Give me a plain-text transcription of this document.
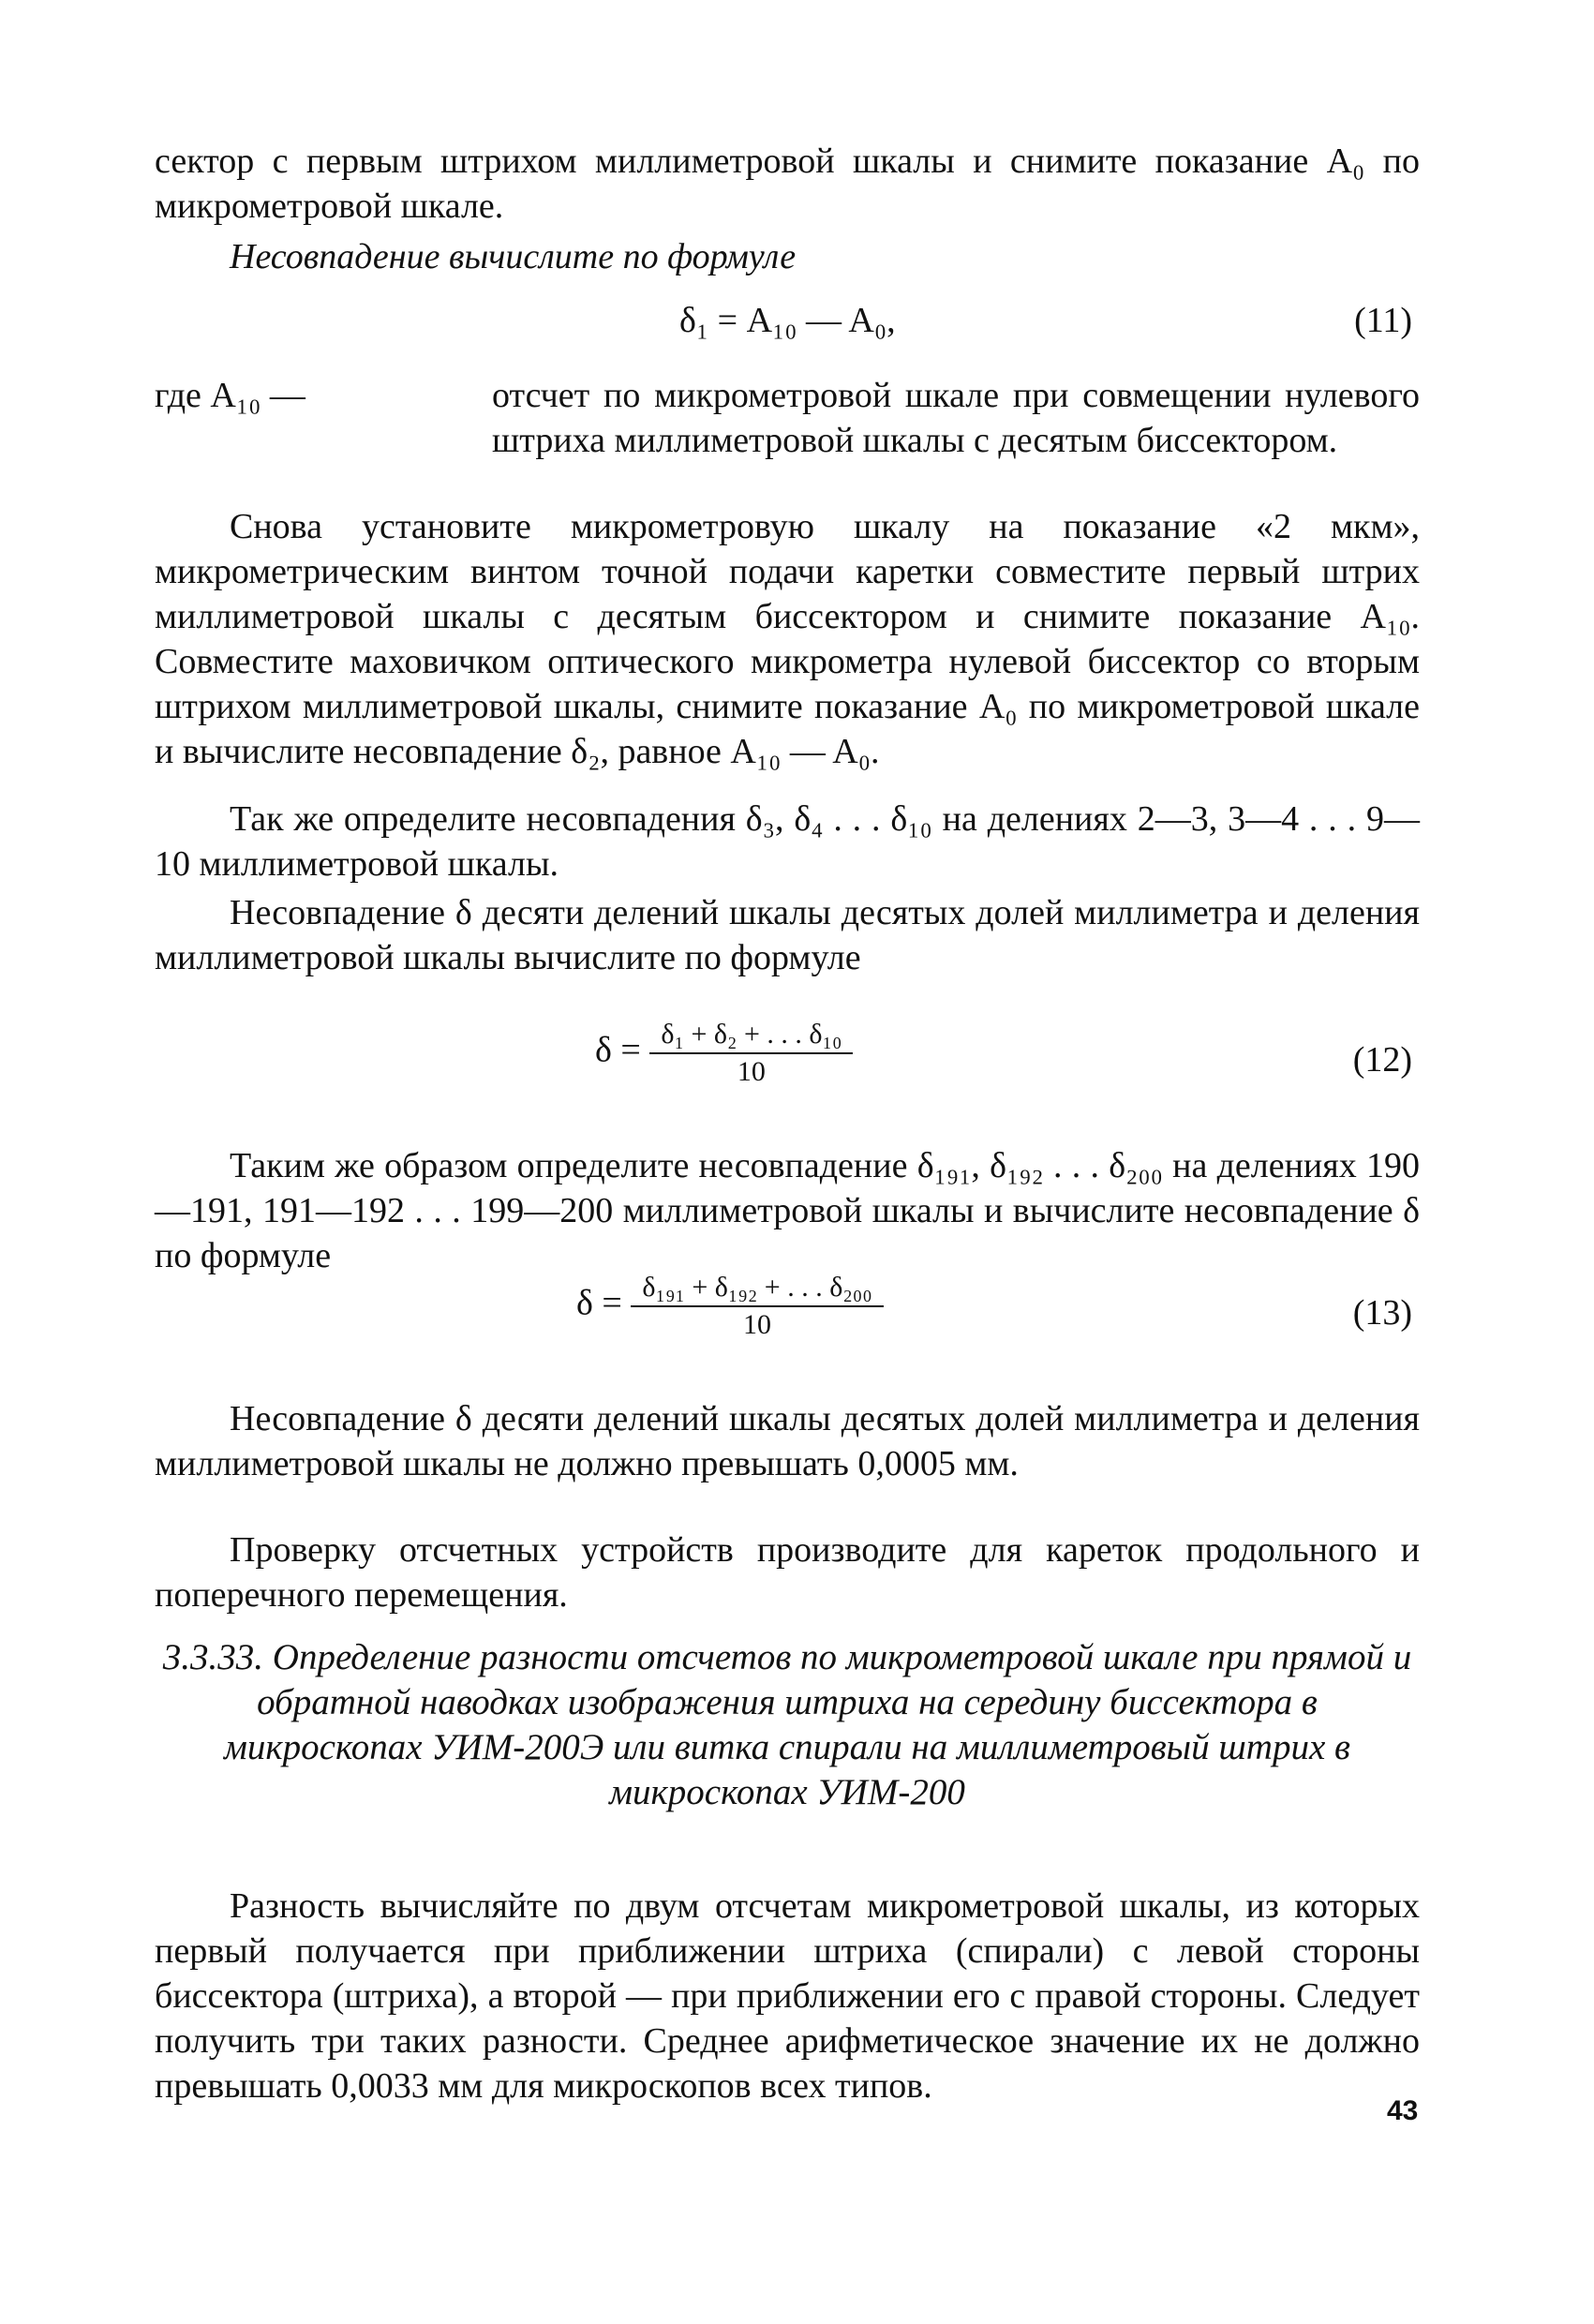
сектор с первым штрихом миллиметровой шкалы и снимите показание A₀ по микрометровой шкале.

Несовпадение вычислите по формуле

δ₁ = A₁₀ — A₀,	(11)
где A₁₀ —	отсчет по микрометровой шкале при совмещении нулевого штриха миллиметровой шкалы с десятым биссектором.

Снова установите микрометровую шкалу на показание «2 мкм», микрометрическим винтом точной подачи каретки совместите первый штрих миллиметровой шкалы с десятым биссектором и снимите показание A₁₀. Совместите маховичком оптического микрометра нулевой биссектор со вторым штрихом миллиметровой шкалы, снимите показание A₀ по микрометровой шкале и вычислите несовпадение δ₂, равное A₁₀ — A₀.

Так же определите несовпадения δ₃, δ₄ . . . δ₁₀ на делениях 2—3, 3—4 . . . 9—10 миллиметровой шкалы.

Несовпадение δ десяти делений шкалы десятых долей миллиметра и деления миллиметровой шкалы вычислите по формуле

$\delta = \frac{\text{δ₁ + δ₂ + . . . δ₁₀}}{10}$	(12)

Таким же образом определите несовпадение δ₁₉₁, δ₁₉₂ . . . δ₂₀₀ на делениях 190—191, 191—192 . . . 199—200 миллиметровой шкалы и вычислите несовпадение δ по формуле

$\delta = \frac{\text{δ₁₉₁ + δ₁₉₂ + . . . δ₂₀₀}}{10}$	(13)

Несовпадение δ десяти делений шкалы десятых долей миллиметра и деления миллиметровой шкалы не должно превышать 0,0005 мм.

Проверку отсчетных устройств производите для кареток продольного и поперечного перемещения.

3.3.33. Определение разности отсчетов по микрометровой шкале при прямой и обратной наводках изображения штриха на середину биссектора в микроскопах УИМ-200Э или витка спирали на миллиметровый штрих в микроскопах УИМ-200

Разность вычисляйте по двум отсчетам микрометровой шкалы, из которых первый получается при приближении штриха (спирали) с левой стороны биссектора (штриха), а второй — при приближении его с правой стороны. Следует получить три таких разности. Среднее арифметическое значение их не должно превышать 0,0033 мм для микроскопов всех типов.

43
